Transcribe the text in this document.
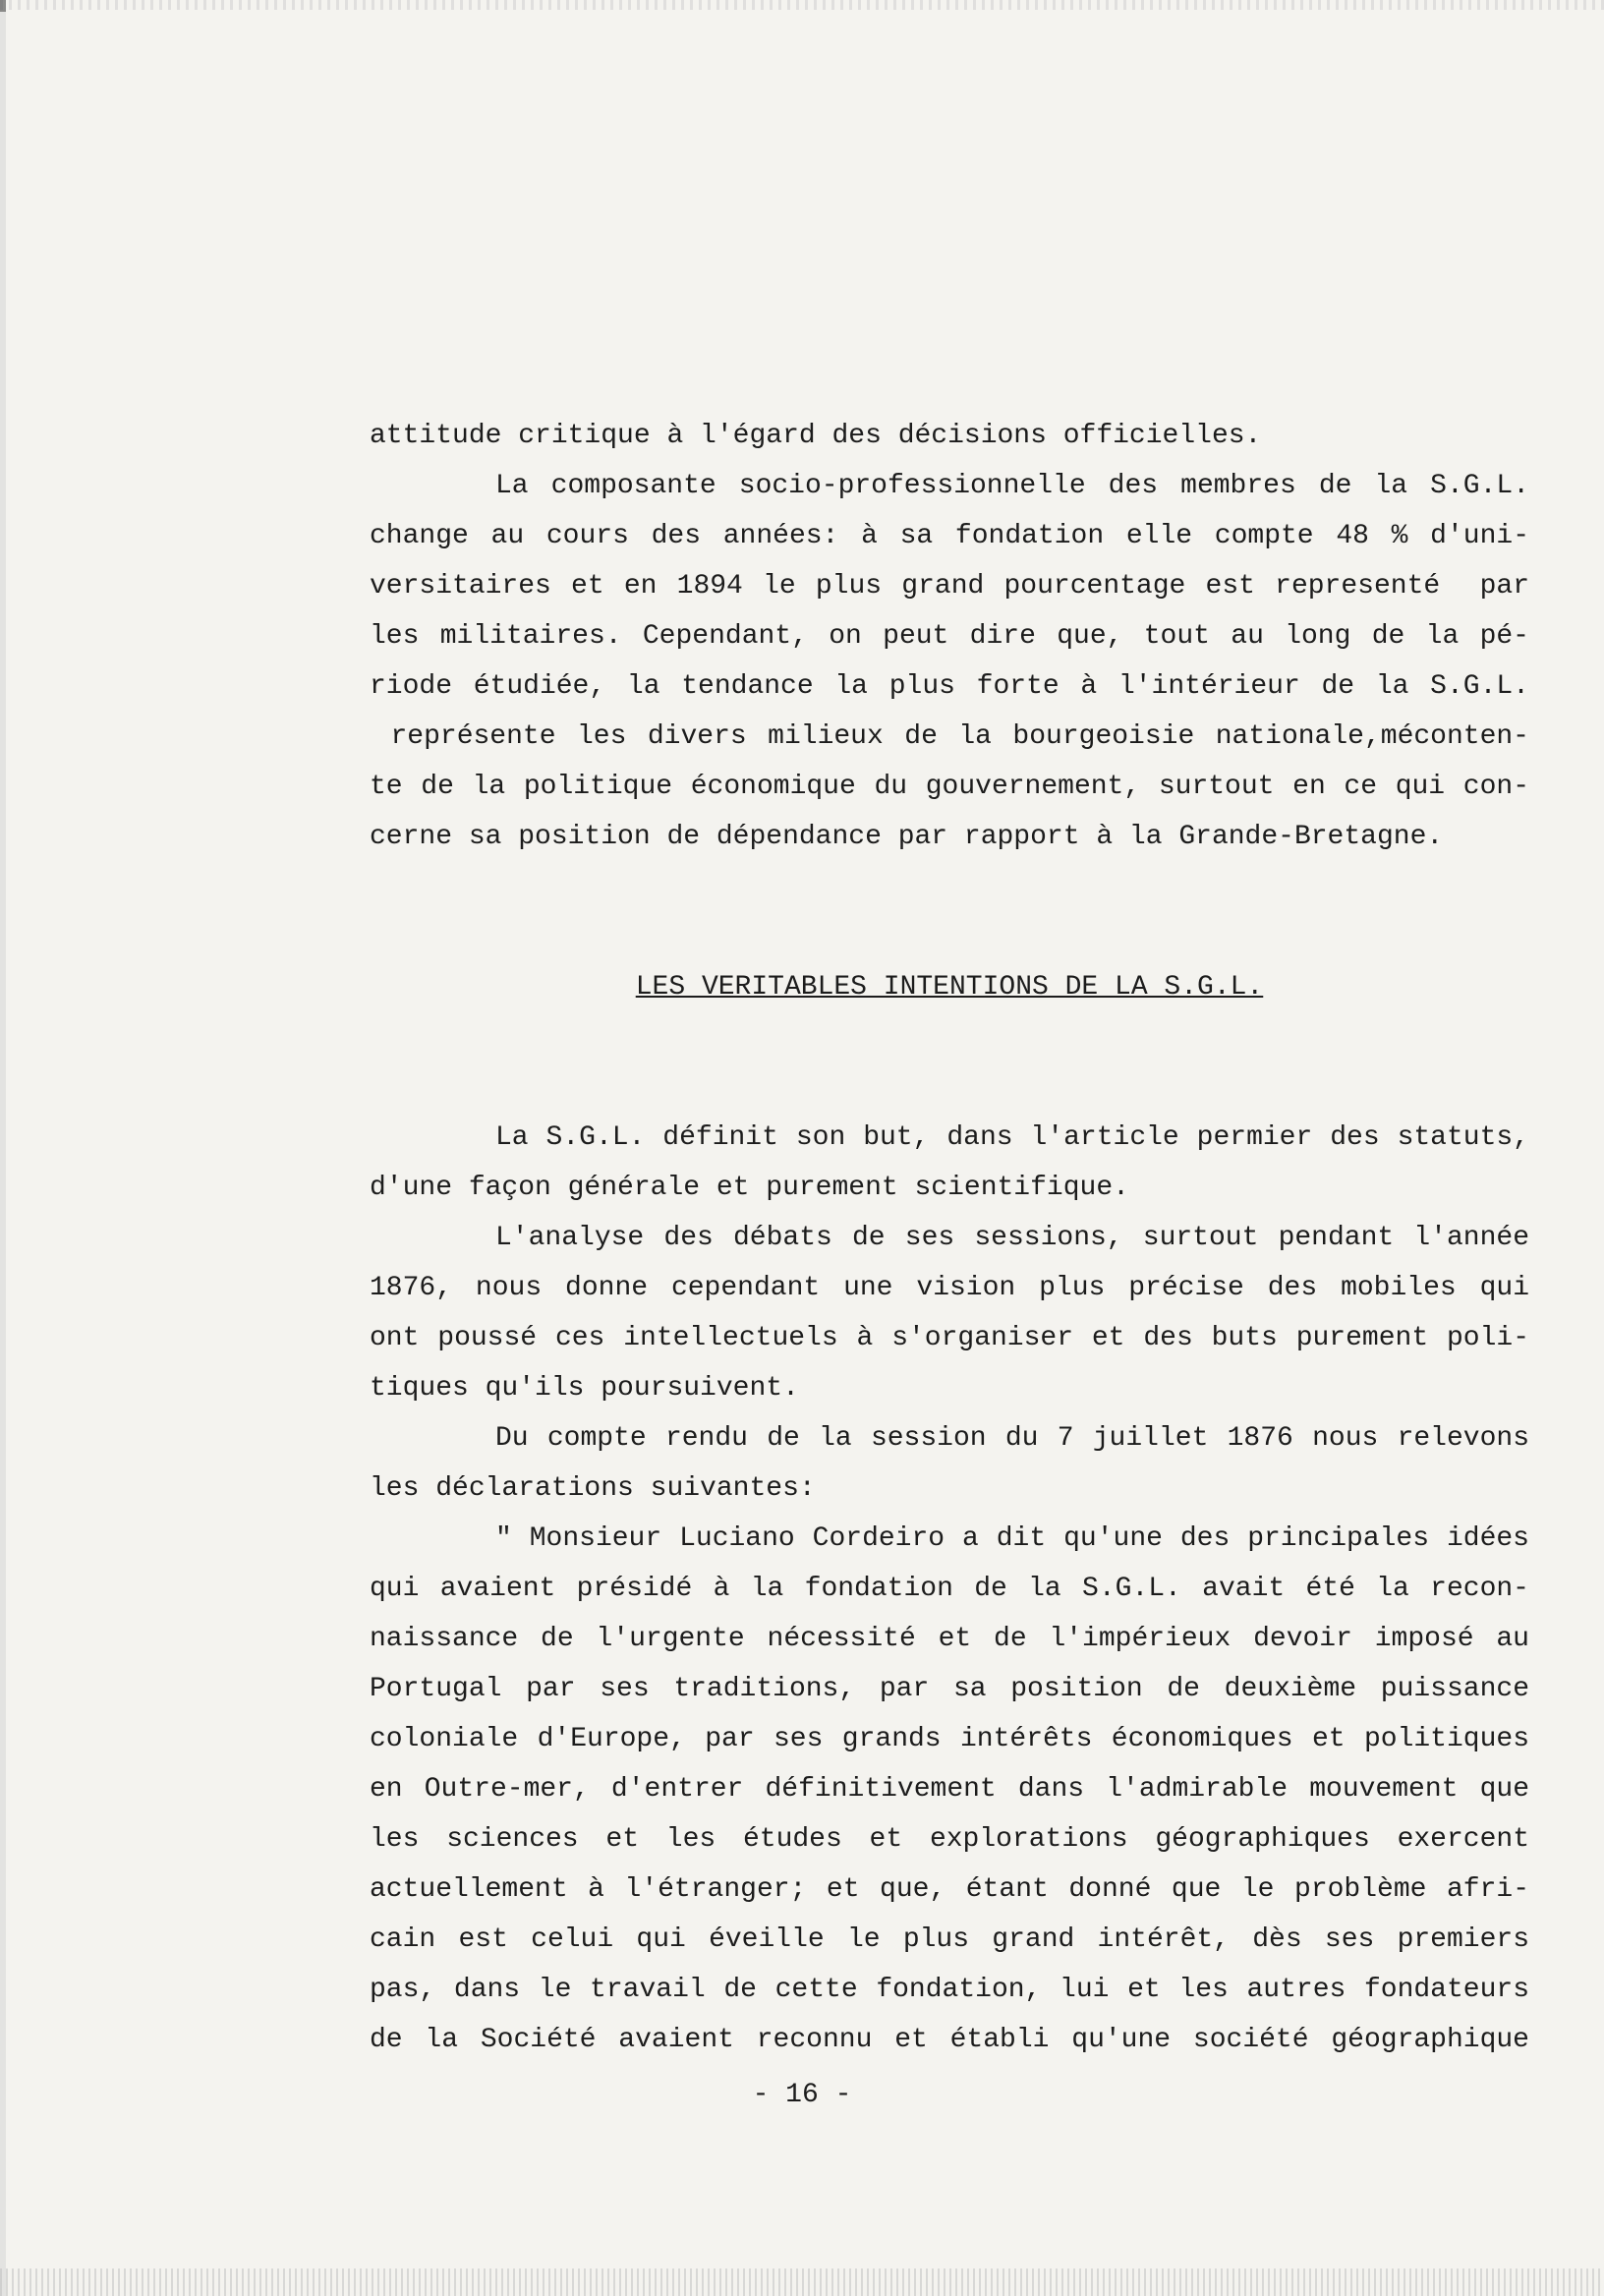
attitude critique à l'égard des décisions officielles.

La composante socio-professionnelle des membres de la S.G.L.

change au cours des années: à sa fondation elle compte 48 % d'uni-

versitaires et en 1894 le plus grand pourcentage est representé  par

les militaires. Cependant, on peut dire que, tout au long de la pé-

riode étudiée, la tendance la plus forte à l'intérieur de la S.G.L.

représente les divers milieux de la bourgeoisie nationale,méconten-

te de la politique économique du gouvernement, surtout en ce qui con-

cerne sa position de dépendance par rapport à la Grande-Bretagne.

LES VERITABLES INTENTIONS DE LA S.G.L.

La S.G.L. définit son but, dans l'article permier des statuts,

d'une façon générale et purement scientifique.

L'analyse des débats de ses sessions, surtout pendant l'année

1876, nous donne cependant une vision plus précise des mobiles qui

ont poussé ces intellectuels à s'organiser et des buts purement poli-

tiques qu'ils poursuivent.

Du compte rendu de la session du 7 juillet 1876 nous relevons

les déclarations suivantes:

" Monsieur Luciano Cordeiro a dit qu'une des principales idées

qui avaient présidé à la fondation de la S.G.L. avait été la recon-

naissance de l'urgente nécessité et de l'impérieux devoir imposé au

Portugal par ses traditions, par sa position de deuxième puissance

coloniale d'Europe, par ses grands intérêts économiques et politiques

en Outre-mer, d'entrer définitivement dans l'admirable mouvement que

les sciences et les études et explorations géographiques exercent

actuellement à l'étranger; et que, étant donné que le problème afri-

cain est celui qui éveille le plus grand intérêt, dès ses premiers

pas, dans le travail de cette fondation, lui et les autres fondateurs

de la Société avaient reconnu et établi qu'une société géographique

- 16 -
